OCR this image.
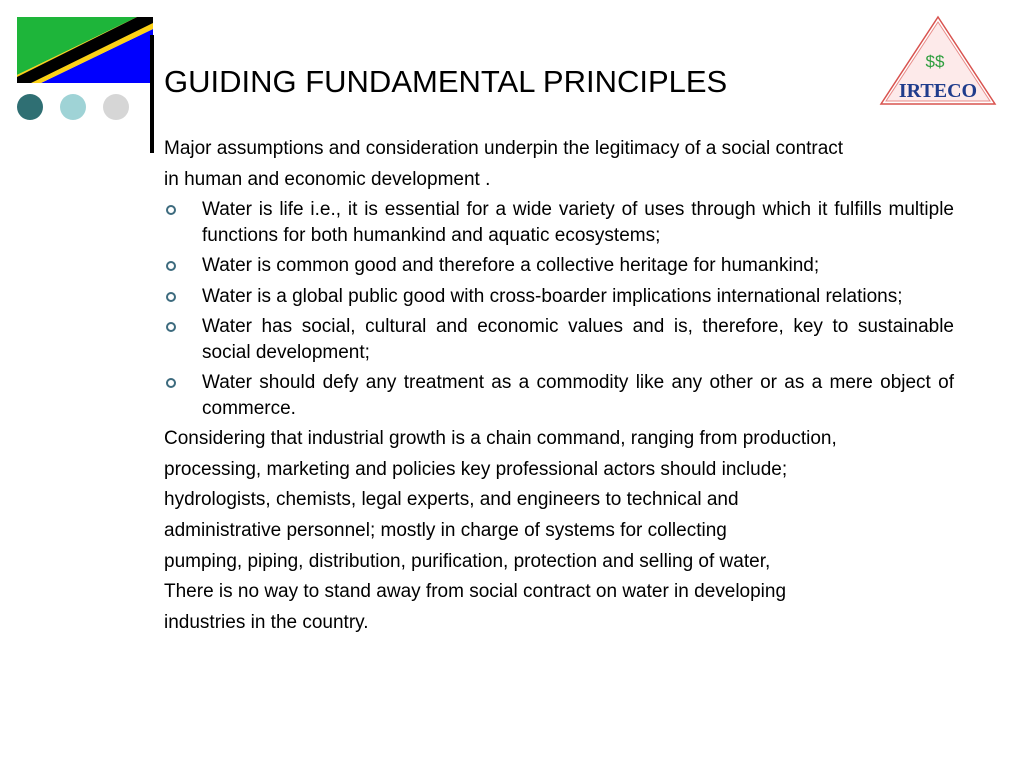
$$
IRTECO
GUIDING FUNDAMENTAL PRINCIPLES

Major assumptions and consideration underpin the legitimacy of a social contract

in human and economic development .

Water is life i.e., it is essential for a wide variety of uses through which it fulfills multiple functions for both humankind and aquatic ecosystems;
Water is common good and therefore a collective heritage for humankind;
Water is a global public good with cross-boarder implications international relations;
Water has social, cultural and economic values and is, therefore, key to sustainable social development;
Water should defy any treatment as a commodity like any other or as a mere object of commerce.

Considering that industrial growth is a chain command, ranging from production,

processing, marketing and policies key professional actors should include;

hydrologists, chemists, legal experts, and engineers to technical and

administrative personnel; mostly in charge of systems for collecting

pumping, piping, distribution, purification, protection and selling of water,

There is no way to stand away from social contract on water in developing

industries in the country.
